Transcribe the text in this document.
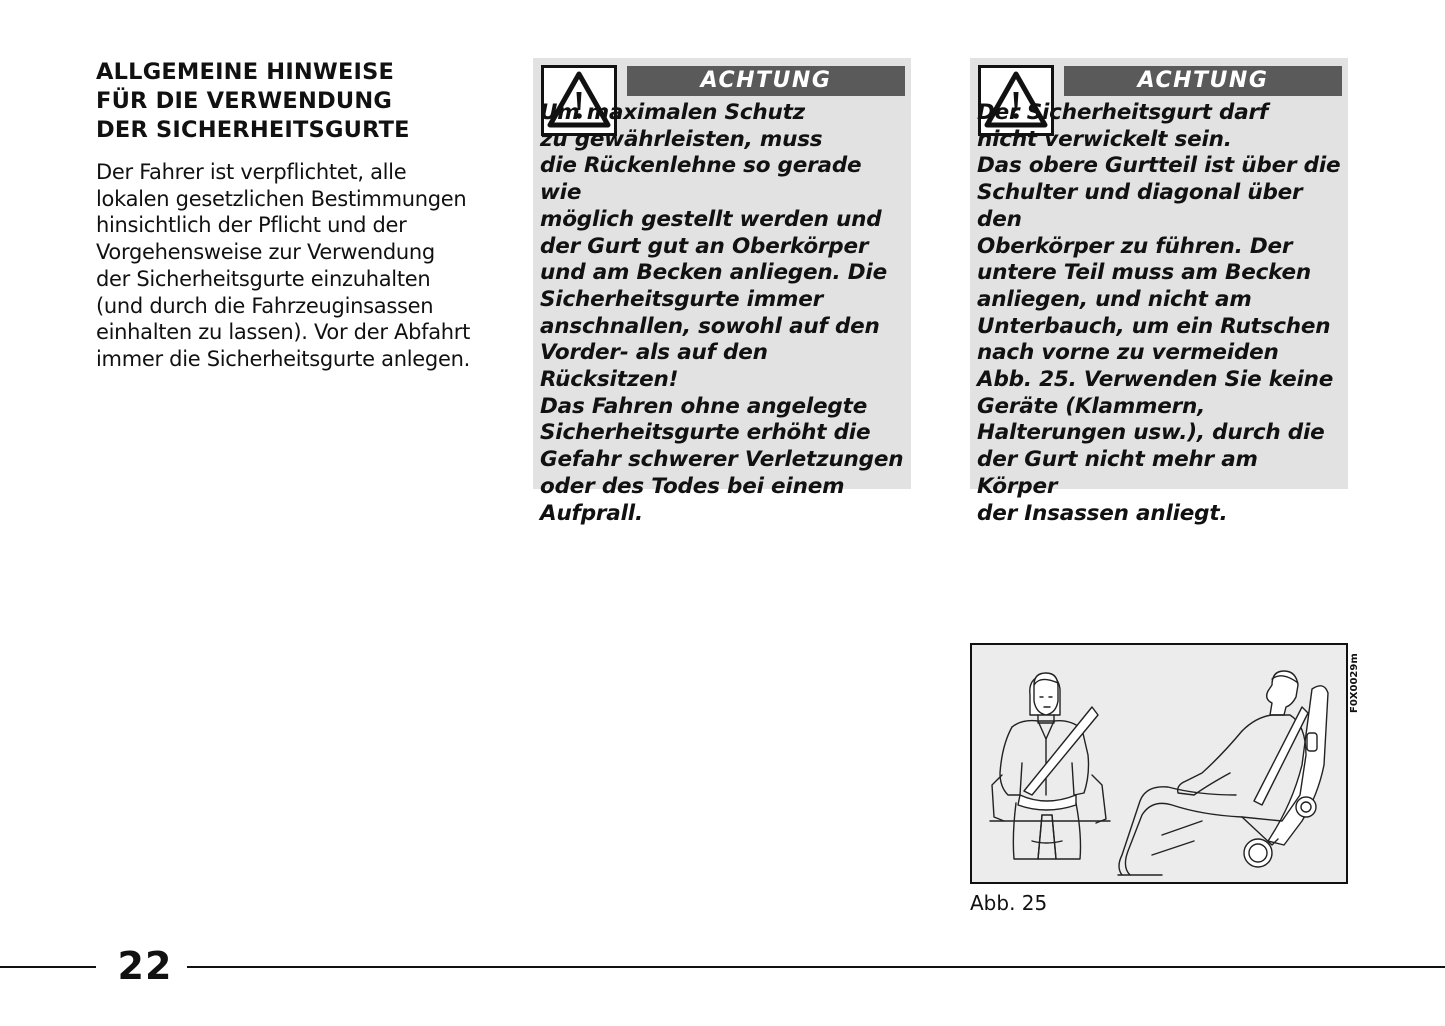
ALLGEMEINE HINWEISE
FÜR DIE VERWENDUNG
DER SICHERHEITSGURTE

Der Fahrer ist verpflichtet, alle
lokalen gesetzlichen Bestimmungen
hinsichtlich der Pflicht und der
Vorgehensweise zur Verwendung
der Sicherheitsgurte einzuhalten
(und durch die Fahrzeuginsassen
einhalten zu lassen). Vor der Abfahrt
immer die Sicherheitsgurte anlegen.

ACHTUNG

Um maximalen Schutz
zu gewährleisten, muss
die Rückenlehne so gerade wie
möglich gestellt werden und
der Gurt gut an Oberkörper
und am Becken anliegen. Die
Sicherheitsgurte immer
anschnallen, sowohl auf den
Vorder- als auf den Rücksitzen!
Das Fahren ohne angelegte
Sicherheitsgurte erhöht die
Gefahr schwerer Verletzungen
oder des Todes bei einem
Aufprall.

ACHTUNG

Der Sicherheitsgurt darf
nicht verwickelt sein.
Das obere Gurtteil ist über die
Schulter und diagonal über den
Oberkörper zu führen. Der
untere Teil muss am Becken
anliegen, und nicht am
Unterbauch, um ein Rutschen
nach vorne zu vermeiden
Abb. 25. Verwenden Sie keine
Geräte (Klammern,
Halterungen usw.), durch die
der Gurt nicht mehr am Körper
der Insassen anliegt.

F0X0029m
Abb. 25
22
